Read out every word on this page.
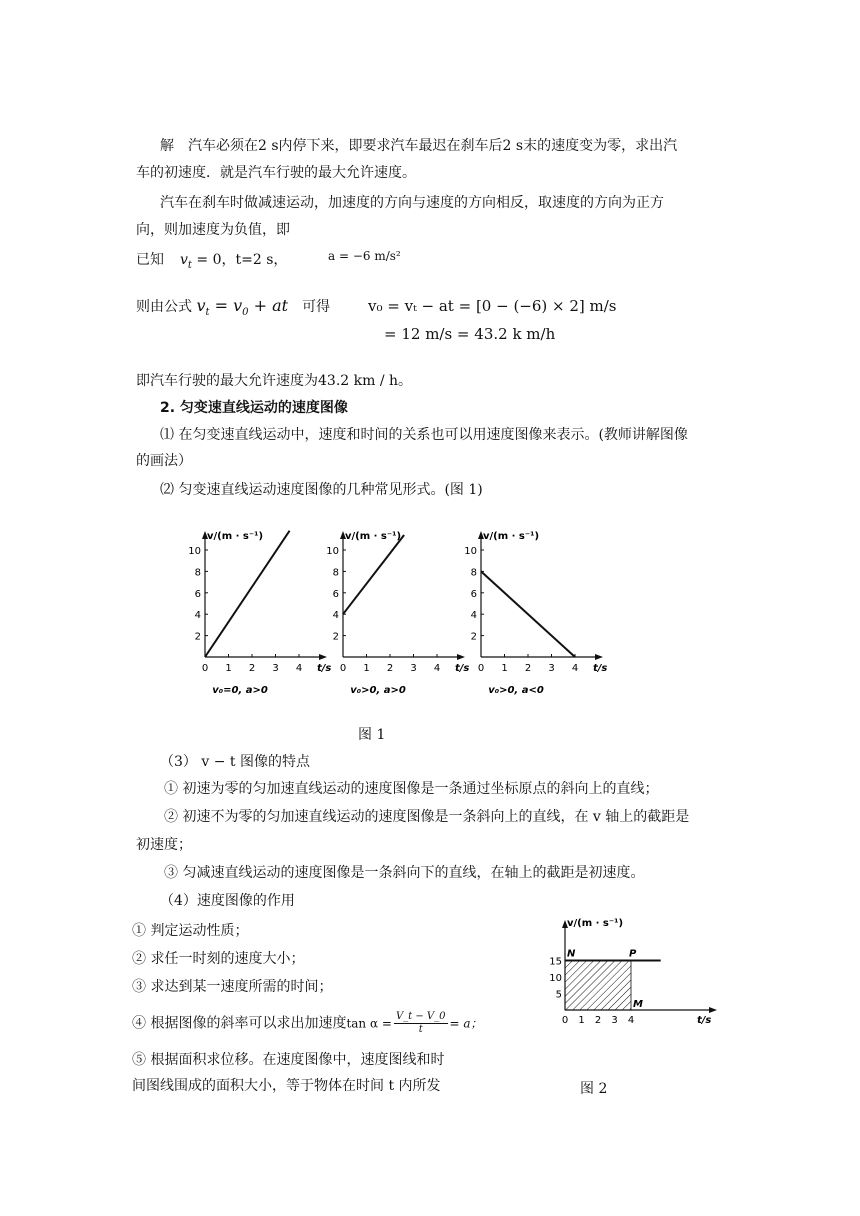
解　汽车必须在2 s内停下来，即要求汽车最迟在刹车后2 s末的速度变为零，求出汽
车的初速度．就是汽车行驶的最大允许速度。
汽车在刹车时做减速运动，加速度的方向与速度的方向相反，取速度的方向为正方
向，则加速度为负值，即
已知 $v_t = 0$，t=2 s，	a = −6 m/s²
则由公式 $v_t = v_0$ + at　 可得	v₀ = vₜ − at = [0 − (−6) × 2] m/s
= 12 m/s = 43.2 k m/h
即汽车行驶的最大允许速度为43.2 km / h。
2. 匀变速直线运动的速度图像
⑴ 在匀变速直线运动中，速度和时间的关系也可以用速度图像来表示。(教师讲解图像
的画法）
⑵ 匀变速直线运动速度图像的几种常见形式。(图 1)
v/(m · s⁻¹)
t/s
2
4
6
8
10
0 1 2 3 4
v₀=0, a>0
v/(m · s⁻¹)
t/s
2
4
6
8
10
0 1 2 3 4
v₀>0, a>0
v/(m · s⁻¹)
t/s
2
4
6
8
10
0 1 2 3 4
v₀>0, a<0
图 1
（3） v − t 图像的特点
① 初速为零的匀加速直线运动的速度图像是一条通过坐标原点的斜向上的直线；
② 初速不为零的匀加速直线运动的速度图像是一条斜向上的直线，在 v 轴上的截距是
初速度；
③ 匀减速直线运动的速度图像是一条斜向下的直线，在轴上的截距是初速度。
（4）速度图像的作用
① 判定运动性质；
② 求任一时刻的速度大小；
③ 求达到某一速度所需的时间；
④ 根据图像的斜率可以求出加速度$\tan \alpha = \frac{V\_t - V\_0}{t} = a$；
⑤ 根据面积求位移。在速度图像中，速度图线和时
间图线围成的面积大小，等于物体在时间 t 内所发
v/(m · s⁻¹)
t/s
5
10
15
0 1 2 3 4
N	P
M
图 2
